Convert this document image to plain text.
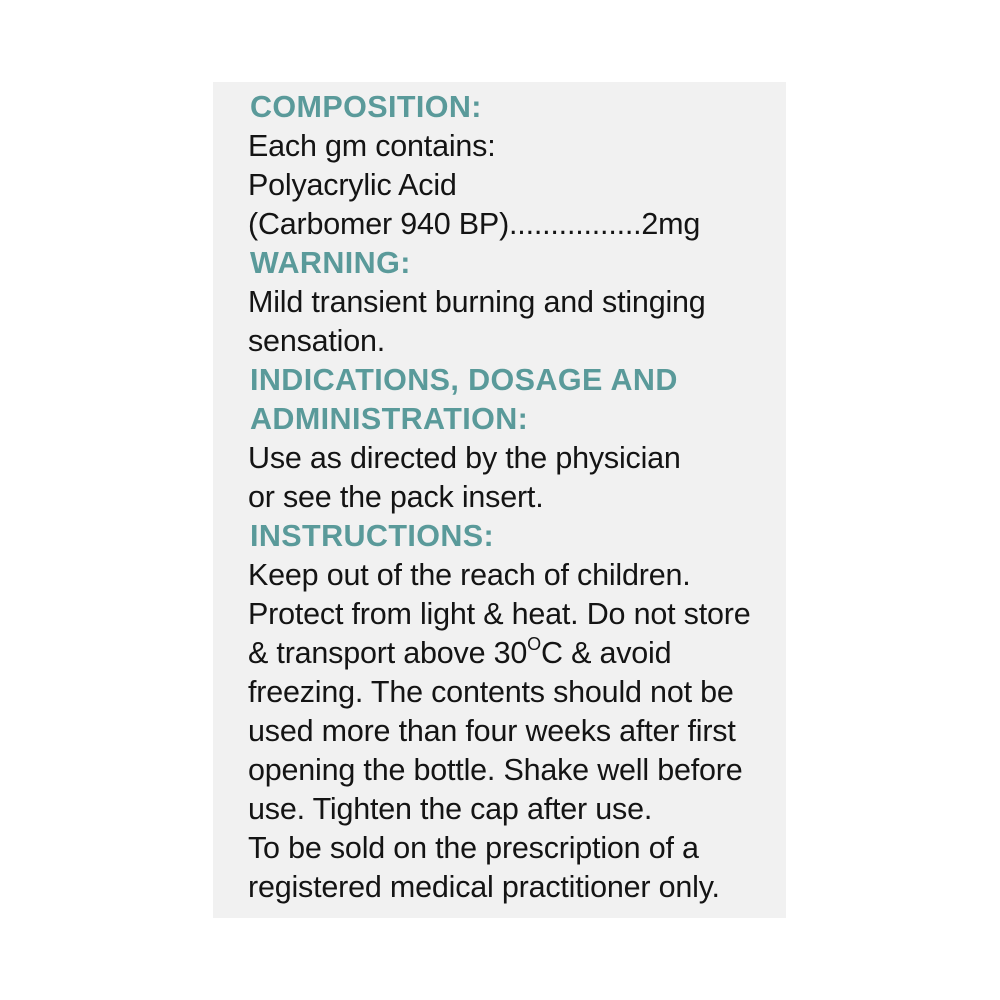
COMPOSITION:
Each gm contains:
Polyacrylic Acid
(Carbomer 940 BP)................2mg
WARNING:
Mild transient burning and stinging
sensation.
INDICATIONS, DOSAGE AND
ADMINISTRATION:
Use as directed by the physician
or see the pack insert.
INSTRUCTIONS:
Keep out of the reach of children.
Protect from light & heat. Do not store
& transport above $30^OC$ & avoid
freezing. The contents should not be
used more than four weeks after first
opening the bottle. Shake well before
use. Tighten the cap after use.
To be sold on the prescription of a
registered medical practitioner only.
